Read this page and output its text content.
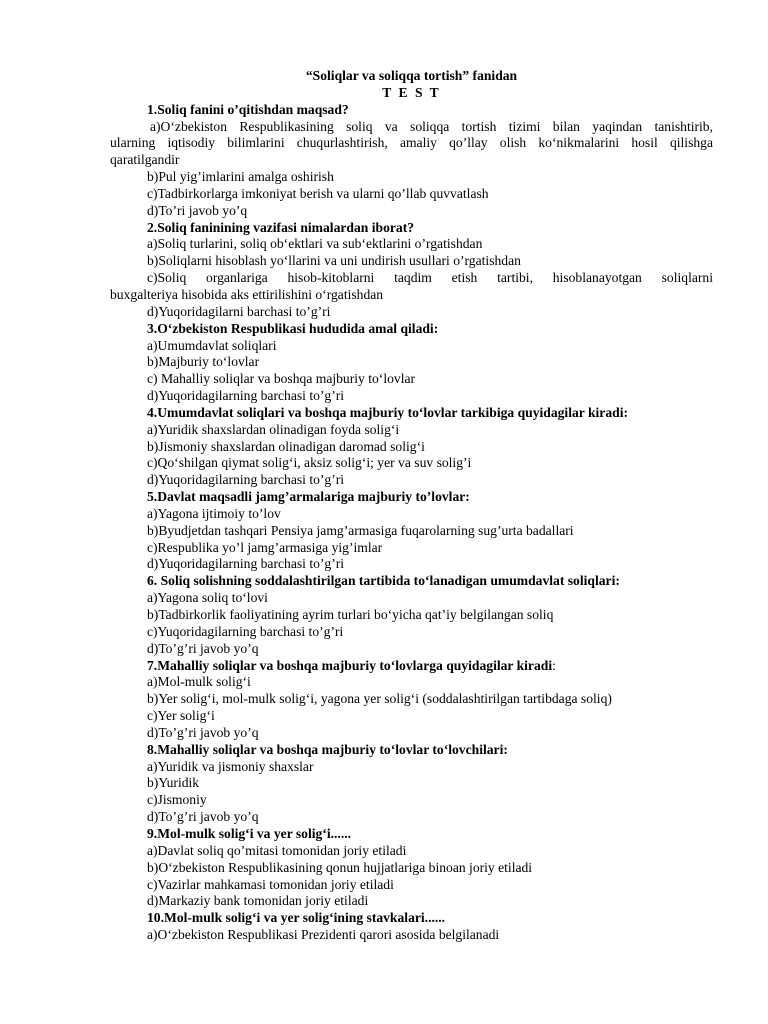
“Soliqlar va soliqqa tortish” fanidan
T E S T
1.Soliq fanini o’qitishdan maqsad?
a)O‘zbekiston Respublikasining soliq va soliqqa tortish tizimi bilan yaqindan tanishtirib,
ularning iqtisodiy bilimlarini chuqurlashtirish, amaliy qo’llay olish ko‘nikmalarini hosil qilishga
qaratilgandir
b)Pul yig’imlarini amalga oshirish
c)Tadbirkorlarga imkoniyat berish va ularni qo’llab quvvatlash
d)To’ri javob yo’q
2.Soliq faninining vazifasi nimalardan iborat?
a)Soliq turlarini, soliq ob‘ektlari va sub‘ektlarini o’rgatishdan
b)Soliqlarni hisoblash yo‘llarini va uni undirish usullari o’rgatishdan
c)Soliq organlariga hisob-kitoblarni taqdim etish tartibi, hisoblanayotgan soliqlarni
buxgalteriya hisobida aks ettirilishini o‘rgatishdan
d)Yuqoridagilarni barchasi to’g’ri
3.O‘zbekiston Respublikasi hududida amal qiladi:
a)Umumdavlat soliqlari
b)Majburiy to‘lovlar
c) Mahalliy soliqlar va boshqa majburiy to‘lovlar
d)Yuqoridagilarning barchasi to’g’ri
4.Umumdavlat soliqlari va boshqa majburiy to‘lovlar tarkibiga quyidagilar kiradi:
a)Yuridik shaxslardan olinadigan foyda solig‘i
b)Jismoniy shaxslardan olinadigan daromad solig‘i
c)Qo‘shilgan qiymat solig‘i, aksiz solig‘i; yer va suv solig’i
d)Yuqoridagilarning barchasi to’g’ri
5.Davlat maqsadli jamg’armalariga majburiy to’lovlar:
a)Yagona ijtimoiy to’lov
b)Byudjetdan tashqari Pensiya jamg’armasiga fuqarolarning sug’urta badallari
c)Respublika yo’l jamg’armasiga yig’imlar
d)Yuqoridagilarning barchasi to’g’ri
6. Soliq solishning soddalashtirilgan tartibida to‘lanadigan umumdavlat soliqlari:
a)Yagona soliq to‘lovi
b)Tadbirkorlik faoliyatining ayrim turlari bo‘yicha qat’iy belgilangan soliq
c)Yuqoridagilarning barchasi to’g’ri
d)To’g’ri javob yo’q
7.Mahalliy soliqlar va boshqa majburiy to‘lovlarga quyidagilar kiradi:
a)Mol-mulk solig‘i
b)Yer solig‘i, mol-mulk solig‘i, yagona yer solig‘i (soddalashtirilgan tartibdaga soliq)
c)Yer solig‘i
d)To’g’ri javob yo’q
8.Mahalliy soliqlar va boshqa majburiy to‘lovlar to‘lovchilari:
a)Yuridik va jismoniy shaxslar
b)Yuridik
c)Jismoniy
d)To’g’ri javob yo’q
9.Mol-mulk solig‘i va yer solig‘i......
a)Davlat soliq qo’mitasi tomonidan joriy etiladi
b)O‘zbekiston Respublikasining qonun hujjatlariga binoan joriy etiladi
c)Vazirlar mahkamasi tomonidan joriy etiladi
d)Markaziy bank tomonidan joriy etiladi
10.Mol-mulk solig‘i va yer solig‘ining stavkalari......
a)O‘zbekiston Respublikasi Prezidenti qarori asosida belgilanadi
